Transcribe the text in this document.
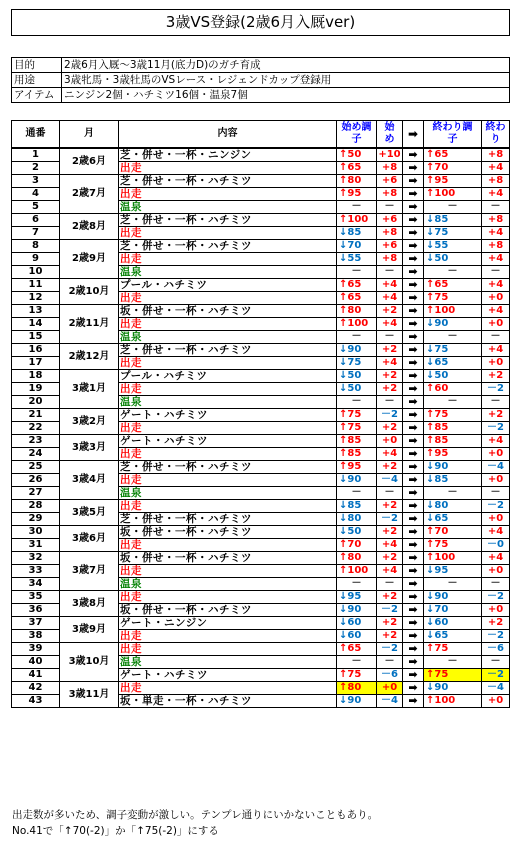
3歳VS登録(2歳6月入厩ver)
目的	2歳6月入厩～3歳11月(底力D)のガチ育成
用途	3歳牝馬・3歳牡馬のVSレース・レジェンドカップ登録用
アイテム	ニンジン2個・ハチミツ16個・温泉7個
通番	月	内容	始め調子	始め	➡	終わり調子	終わり

1	2歳6月	芝・併せ・一杯・ニンジン	↑50	+10	➡	↑65	+8
2		出走	↑65	+8	➡	↑70	+4
3	2歳7月	芝・併せ・一杯・ハチミツ	↑80	+6	➡	↑95	+8
4		出走	↑95	+8	➡	↑100	+4
5		温泉	－	－	➡	－	－
6	2歳8月	芝・併せ・一杯・ハチミツ	↑100	+6	➡	↓85	+8
7		出走	↓85	+8	➡	↓75	+4
8	2歳9月	芝・併せ・一杯・ハチミツ	↓70	+6	➡	↓55	+8
9		出走	↓55	+8	➡	↓50	+4
10		温泉	－	－	➡	－	－
11	2歳10月	プール・ハチミツ	↑65	+4	➡	↑65	+4
12		出走	↑65	+4	➡	↑75	+0
13	2歳11月	坂・併せ・一杯・ハチミツ	↑80	+2	➡	↑100	+4
14		出走	↑100	+4	➡	↓90	+0
15		温泉	－	－	➡	－	－
16	2歳12月	芝・併せ・一杯・ハチミツ	↓90	+2	➡	↓75	+4
17		出走	↓75	+4	➡	↓65	+0
18	3歳1月	プール・ハチミツ	↓50	+2	➡	↓50	+2
19		出走	↓50	+2	➡	↑60	－2
20		温泉	－	－	➡	－	－
21	3歳2月	ゲート・ハチミツ	↑75	－2	➡	↑75	+2
22		出走	↑75	+2	➡	↑85	－2
23	3歳3月	ゲート・ハチミツ	↑85	+0	➡	↑85	+4
24		出走	↑85	+4	➡	↑95	+0
25	3歳4月	芝・併せ・一杯・ハチミツ	↑95	+2	➡	↓90	－4
26		出走	↓90	－4	➡	↓85	+0
27		温泉	－	－	➡	－	－
28	3歳5月	出走	↓85	+2	➡	↓80	－2
29		芝・併せ・一杯・ハチミツ	↓80	－2	➡	↓65	+0
30	3歳6月	坂・併せ・一杯・ハチミツ	↓50	+2	➡	↑70	+4
31		出走	↑70	+4	➡	↑75	－0
32	3歳7月	坂・併せ・一杯・ハチミツ	↑80	+2	➡	↑100	+4
33		出走	↑100	+4	➡	↓95	+0
34		温泉	－	－	➡	－	－
35	3歳8月	出走	↓95	+2	➡	↓90	－2
36		坂・併せ・一杯・ハチミツ	↓90	－2	➡	↓70	+0
37	3歳9月	ゲート・ニンジン	↓60	+2	➡	↓60	+2
38		出走	↓60	+2	➡	↓65	－2
39	3歳10月	出走	↑65	－2	➡	↑75	－6
40		温泉	－	－	➡	－	－
41		ゲート・ハチミツ	↑75	－6	➡	↑75	－2
42	3歳11月	出走	↑80	+0	➡	↓90	－4
43		坂・単走・一杯・ハチミツ	↓90	－4	➡	↑100	+0
出走数が多いため、調子変動が激しい。テンプレ通りにいかないこともあり。
No.41で「↑70(-2)」か「↑75(-2)」にする
